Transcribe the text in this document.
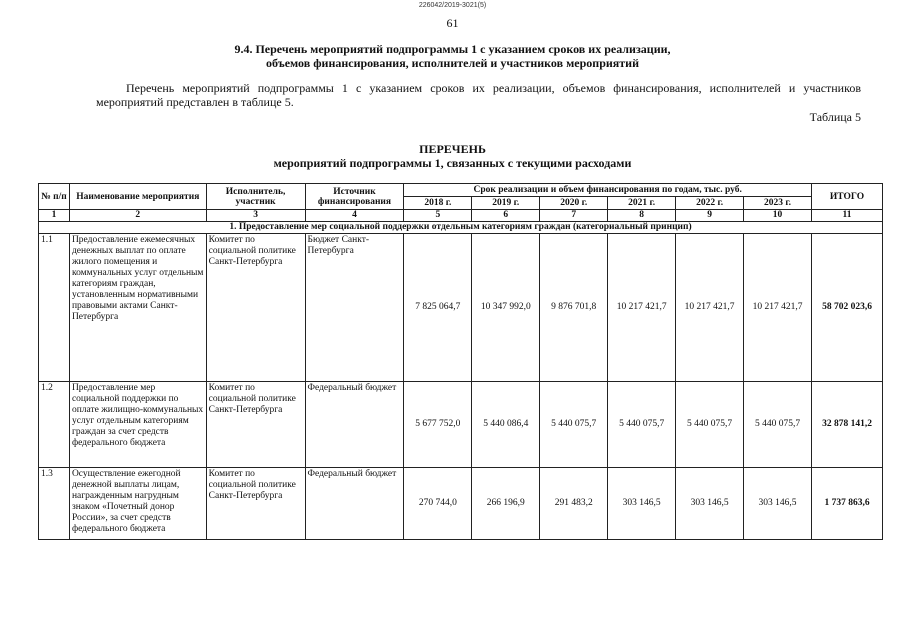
226042/2019-3021(5)
61
9.4. Перечень мероприятий подпрограммы 1 с указанием сроков их реализации,
объемов финансирования, исполнителей и участников мероприятий
Перечень мероприятий подпрограммы 1 с указанием сроков их реализации, объемов финансирования, исполнителей и участников мероприятий представлен в таблице 5.
Таблица 5
ПЕРЕЧЕНЬ
мероприятий подпрограммы 1, связанных с текущими расходами
№ п/п	Наименование мероприятия	Исполнитель, участник	Источник финансирования	Срок реализации и объем финансирования по годам, тыс. руб.						ИТОГО
				2018 г.	2019 г.	2020 г.	2021 г.	2022 г.	2023 г.	
1	2	3	4	5	6	7	8	9	10	11
1. Предоставление мер социальной поддержки отдельным категориям граждан (категориальный принцип)										
1.1	Предоставление ежемесячных денежных выплат по оплате жилого помещения и коммунальных услуг отдельным категориям граждан, установленным нормативными правовыми актами Санкт-Петербурга	Комитет по социальной политике Санкт-Петербурга	Бюджет Санкт-Петербурга	7 825 064,7	10 347 992,0	9 876 701,8	10 217 421,7	10 217 421,7	10 217 421,7	58 702 023,6
1.2	Предоставление мер социальной поддержки по оплате жилищно-коммунальных услуг отдельным категориям граждан за счет средств федерального бюджета	Комитет по социальной политике Санкт-Петербурга	Федеральный бюджет	5 677 752,0	5 440 086,4	5 440 075,7	5 440 075,7	5 440 075,7	5 440 075,7	32 878 141,2
1.3	Осуществление ежегодной денежной выплаты лицам, награжденным нагрудным знаком «Почетный донор России», за счет средств федерального бюджета	Комитет по социальной политике Санкт-Петербурга	Федеральный бюджет	270 744,0	266 196,9	291 483,2	303 146,5	303 146,5	303 146,5	1 737 863,6
